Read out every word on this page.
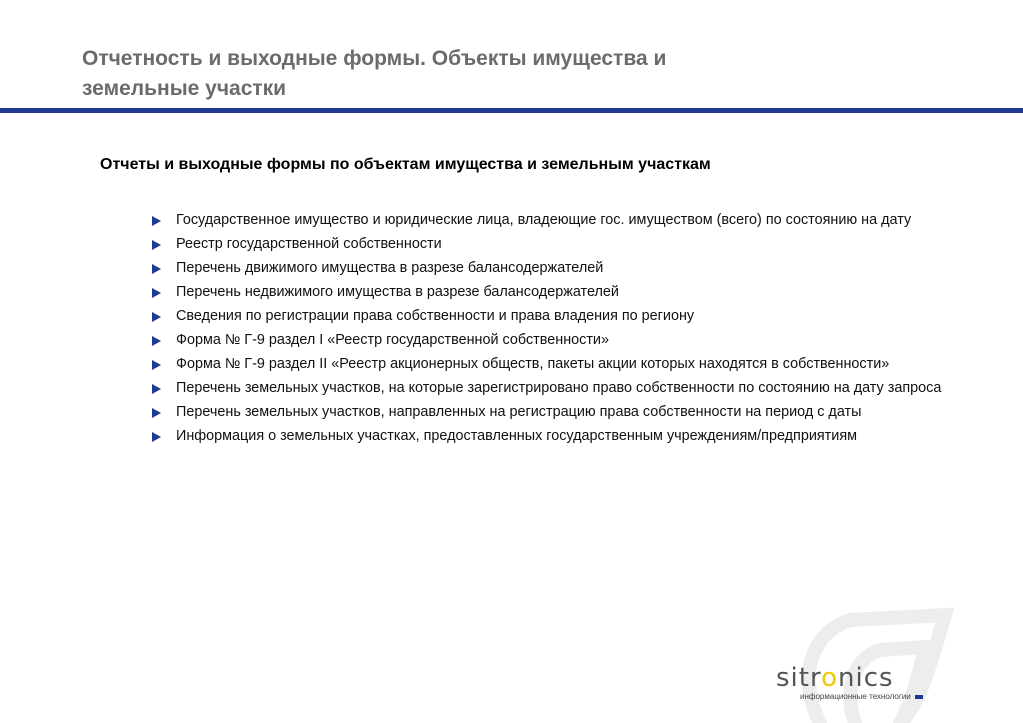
Отчетность и выходные формы. Объекты имущества и
земельные участки
Отчеты и выходные формы по объектам имущества и земельным участкам
Государственное имущество и юридические лица, владеющие гос. имуществом (всего) по состоянию на дату
Реестр государственной собственности
Перечень движимого имущества в разрезе балансодержателей
Перечень недвижимого имущества в разрезе балансодержателей
Сведения по регистрации права собственности и права владения по региону
Форма № Г-9 раздел I «Реестр государственной собственности»
Форма № Г-9 раздел II «Реестр акционерных обществ, пакеты акции которых находятся в собственности»
Перечень земельных участков, на которые зарегистрировано право собственности по состоянию на дату запроса
Перечень земельных участков, направленных на регистрацию права собственности на период с даты
Информация о земельных участках, предоставленных государственным учреждениям/предприятиям
sitronics
информационные технологии
